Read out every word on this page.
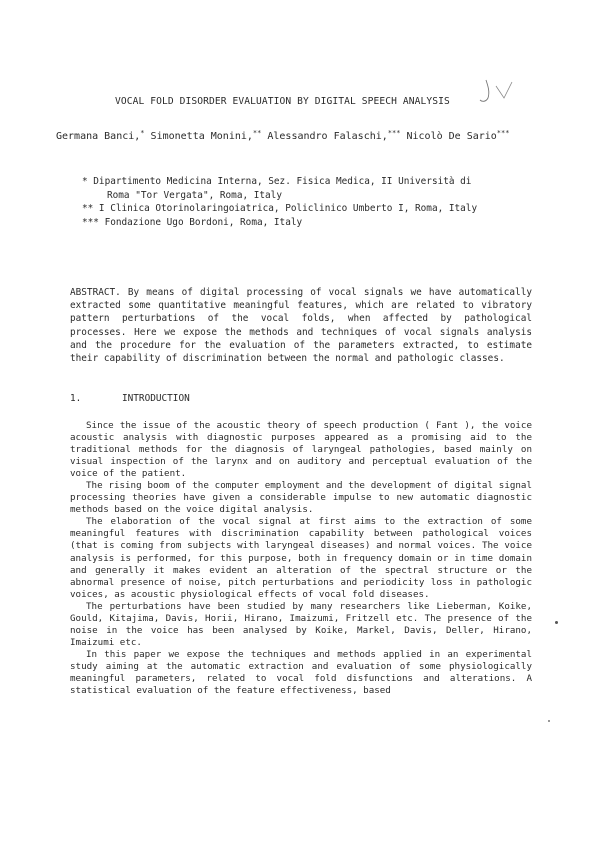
VOCAL FOLD DISORDER EVALUATION BY DIGITAL SPEECH ANALYSIS
Germana Banci,* Simonetta Monini,** Alessandro Falaschi,*** Nicolò De Sario***
* Dipartimento Medicina Interna, Sez. Fisica Medica, II Università di
Roma "Tor Vergata", Roma, Italy
** I Clinica Otorinolaringoiatrica, Policlinico Umberto I, Roma, Italy
*** Fondazione Ugo Bordoni, Roma, Italy
ABSTRACT. By means of digital processing of vocal signals we have automatically extracted some quantitative meaningful features, which are related to vibratory pattern perturbations of the vocal folds, when affected by pathological processes. Here we expose the methods and techniques of vocal signals analysis and the procedure for the evaluation of the parameters extracted, to estimate their capability of discrimination between the normal and pathologic classes.
1.	INTRODUCTION

Since the issue of the acoustic theory of speech production ( Fant ), the voice acoustic analysis with diagnostic purposes appeared as a promising aid to the traditional methods for the diagnosis of laryngeal pathologies, based mainly on visual inspection of the larynx and on auditory and perceptual evaluation of the voice of the patient.

The rising boom of the computer employment and the development of digital signal processing theories have given a considerable impulse to new automatic diagnostic methods based on the voice digital analysis.

The elaboration of the vocal signal at first aims to the extraction of some meaningful features with discrimination capability between pathological voices (that is coming from subjects with laryngeal diseases) and normal voices. The voice analysis is performed, for this purpose, both in frequency domain or in time domain and generally it makes evident an alteration of the spectral structure or the abnormal presence of noise, pitch perturbations and periodicity loss in pathologic voices, as acoustic physiological effects of vocal fold diseases.

The perturbations have been studied by many researchers like Lieberman, Koike, Gould, Kitajima, Davis, Horii, Hirano, Imaizumi, Fritzell etc. The presence of the noise in the voice has been analysed by Koike, Markel, Davis, Deller, Hirano, Imaizumi etc.

In this paper we expose the techniques and methods applied in an experimental study aiming at the automatic extraction and evaluation of some physiologically meaningful parameters, related to vocal fold disfunctions and alterations. A statistical evaluation of the feature effectiveness, based
